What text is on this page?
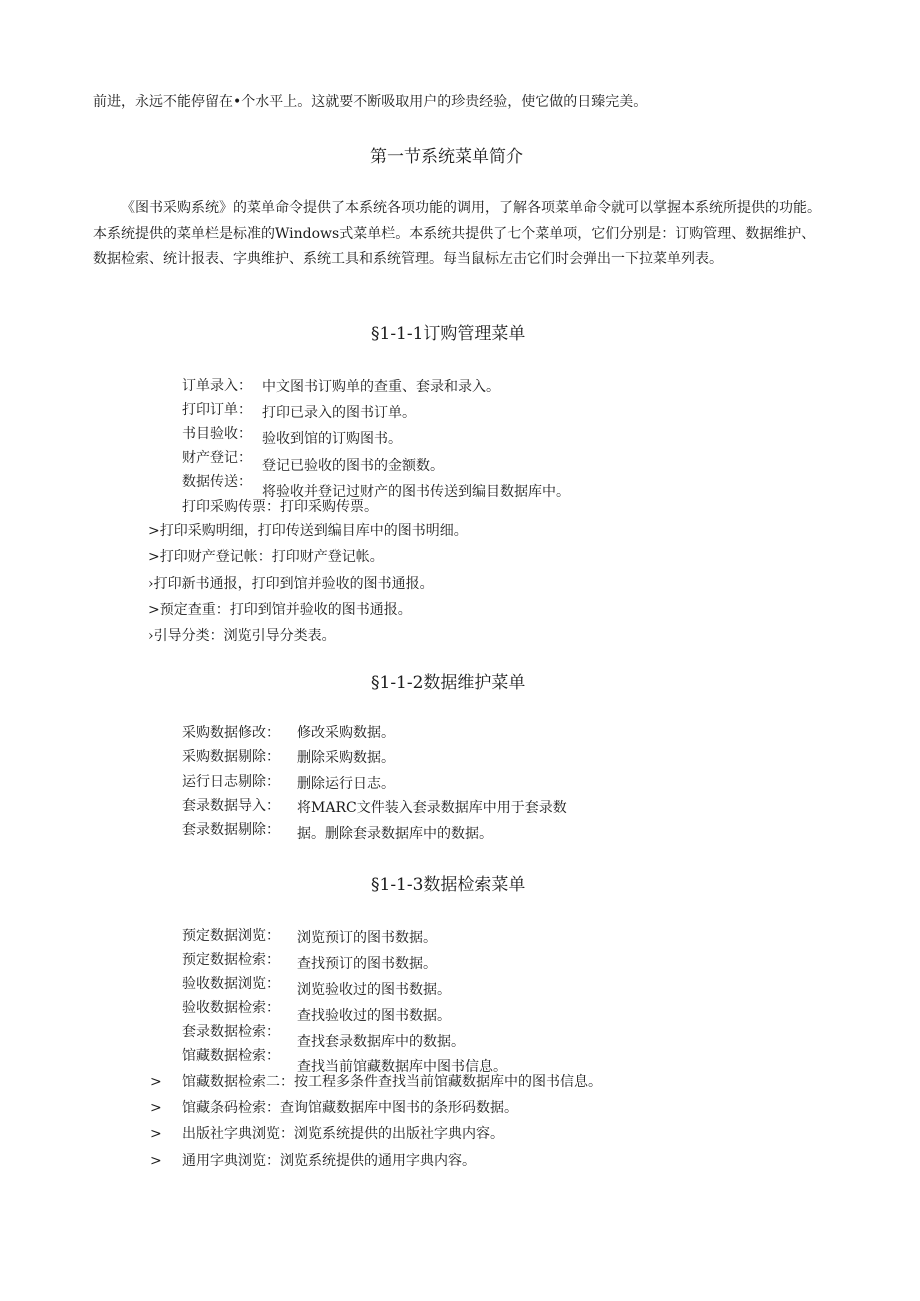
前进，永远不能停留在•个水平上。这就要不断吸取用户的珍贵经验，使它做的日臻完美。
第一节系统菜单简介
《图书采购系统》的菜单命令提供了本系统各项功能的调用，了解各项菜单命令就可以掌握本系统所提供的功能。本系统提供的菜单栏是标准的Windows式菜单栏。本系统共提供了七个菜单项，它们分别是：订购管理、数据维护、数据检索、统计报表、字典维护、系统工具和系统管理。每当鼠标左击它们时会弹出一下拉菜单列表。
§1-1-1订购管理菜单
订单录入： 中文图书订购单的查重、套录和录入。
打印订单： 打印已录入的图书订单。
书目验收： 验收到馆的订购图书。
财产登记： 登记已验收的图书的金额数。
数据传送：
将验收并登记过财产的图书传送到编目数据库中。
打印采购传票：打印采购传票。
>打印采购明细，打印传送到编目库中的图书明细。
>打印财产登记帐：打印财产登记帐。
›打印新书通报，打印到馆并验收的图书通报。
>预定查重：打印到馆并验收的图书通报。
›引导分类：浏览引导分类表。
§1-1-2数据维护菜单
采购数据修改：
采购数据剔除：
运行日志剔除：
套录数据导入：
套录数据剔除：
修改采购数据。
删除采购数据。
删除运行日志。
将MARC文件装入套录数据库中用于套录数
据。删除套录数据库中的数据。
§1-1-3数据检索菜单
预定数据浏览：
预定数据检索：
验收数据浏览：
验收数据检索：
套录数据检索：
馆藏数据检索：
浏览预订的图书数据。
查找预订的图书数据。
浏览验收过的图书数据。
查找验收过的图书数据。
查找套录数据库中的数据。
查找当前馆藏数据库中图书信息。
> 馆藏数据检索二：按工程多条件查找当前馆藏数据库中的图书信息。
> 馆藏条码检索：查询馆藏数据库中图书的条形码数据。
> 出版社字典浏览：浏览系统提供的出版社字典内容。
> 通用字典浏览：浏览系统提供的通用字典内容。
